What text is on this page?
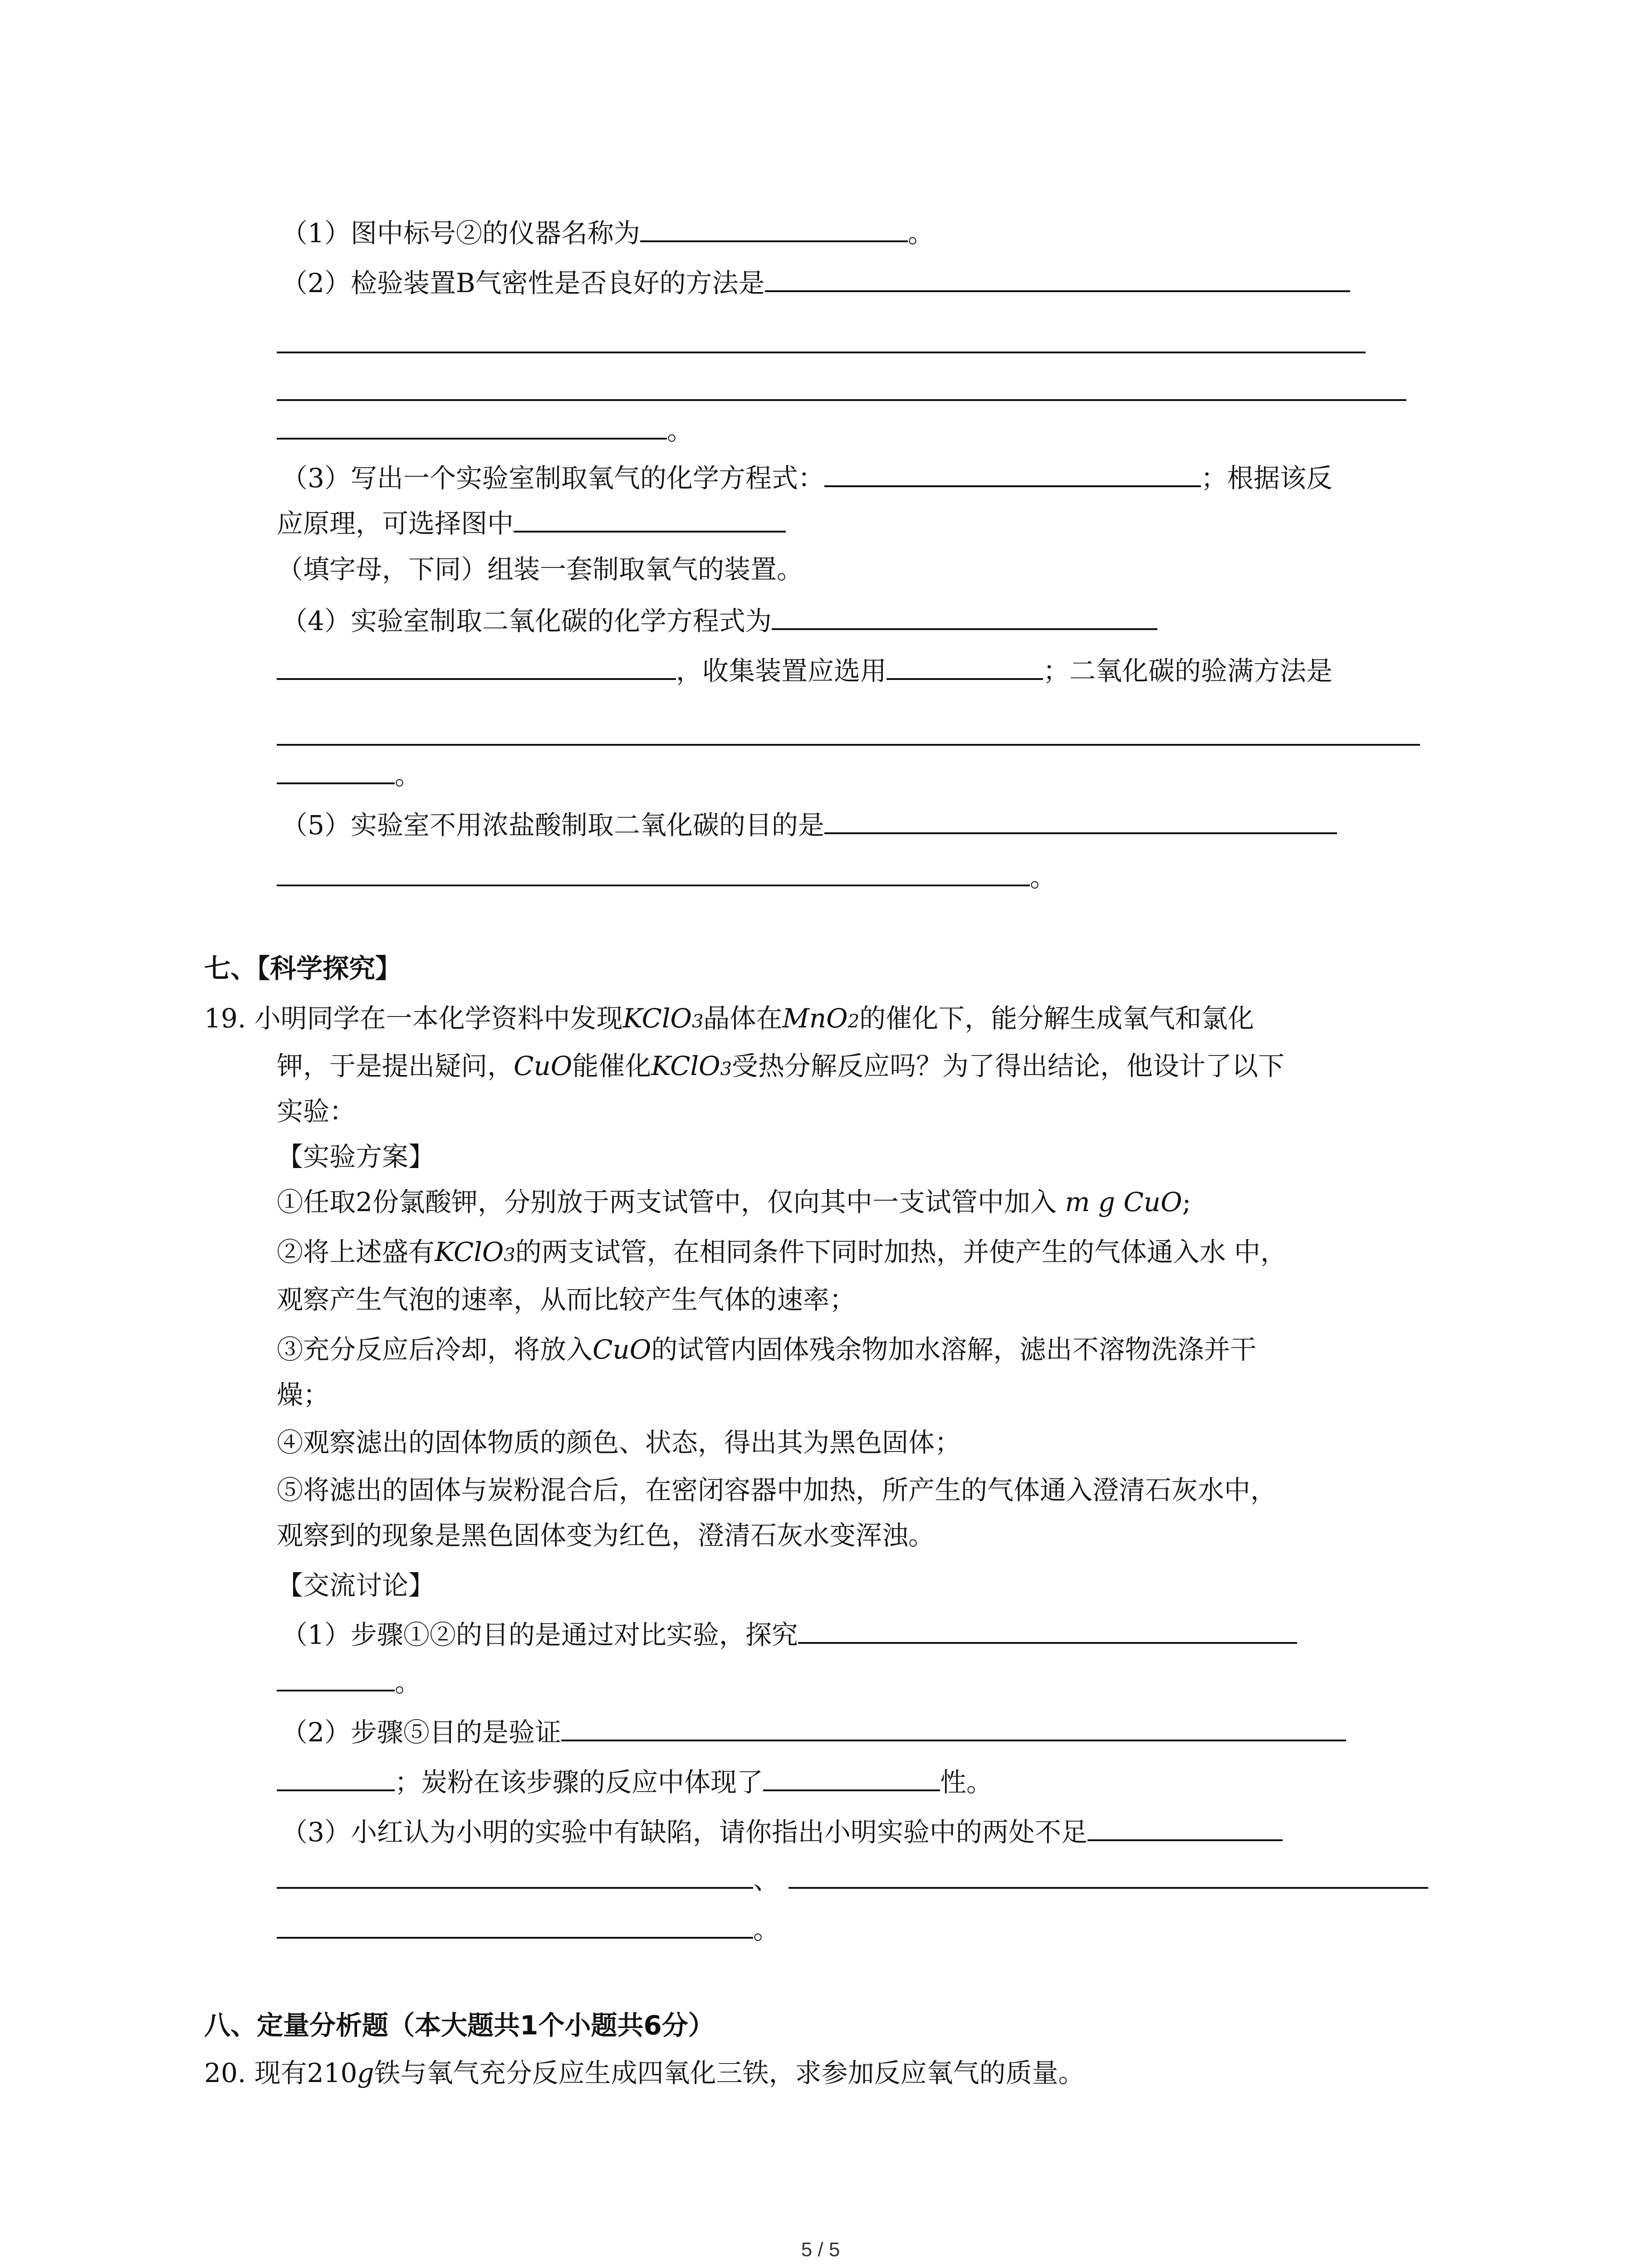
（1）图中标号②的仪器名称为	。
（2）检验装置B气密性是否良好的方法是
。
（3）写出一个实验室制取氧气的化学方程式：	；根据该反
应原理，可选择图中
（填字母，下同）组装一套制取氧气的装置。
（4）实验室制取二氧化碳的化学方程式为
，收集装置应选用	；二氧化碳的验满方法是
。
（5）实验室不用浓盐酸制取二氧化碳的目的是
。
七、【科学探究】
19. 小明同学在一本化学资料中发现KClO3晶体在MnO2的催化下，能分解生成氧气和氯化
钾，于是提出疑问，CuO能催化KClO3受热分解反应吗？为了得出结论，他设计了以下
实验：
【实验方案】
①任取2份氯酸钾，分别放于两支试管中，仅向其中一支试管中加入 m g CuO;
②将上述盛有KClO3的两支试管，在相同条件下同时加热，并使产生的气体通入水 中，
观察产生气泡的速率，从而比较产生气体的速率；
③充分反应后冷却，将放入CuO的试管内固体残余物加水溶解，滤出不溶物洗涤并干
燥；
④观察滤出的固体物质的颜色、状态，得出其为黑色固体；
⑤将滤出的固体与炭粉混合后，在密闭容器中加热，所产生的气体通入澄清石灰水中，
观察到的现象是黑色固体变为红色，澄清石灰水变浑浊。
【交流讨论】
（1）步骤①②的目的是通过对比实验，探究
。
（2）步骤⑤目的是验证
；炭粉在该步骤的反应中体现了	性。
（3）小红认为小明的实验中有缺陷，请你指出小明实验中的两处不足
、
。
八、定量分析题（本大题共1个小题共6分）
20. 现有210g铁与氧气充分反应生成四氧化三铁，求参加反应氧气的质量。
5 / 5
